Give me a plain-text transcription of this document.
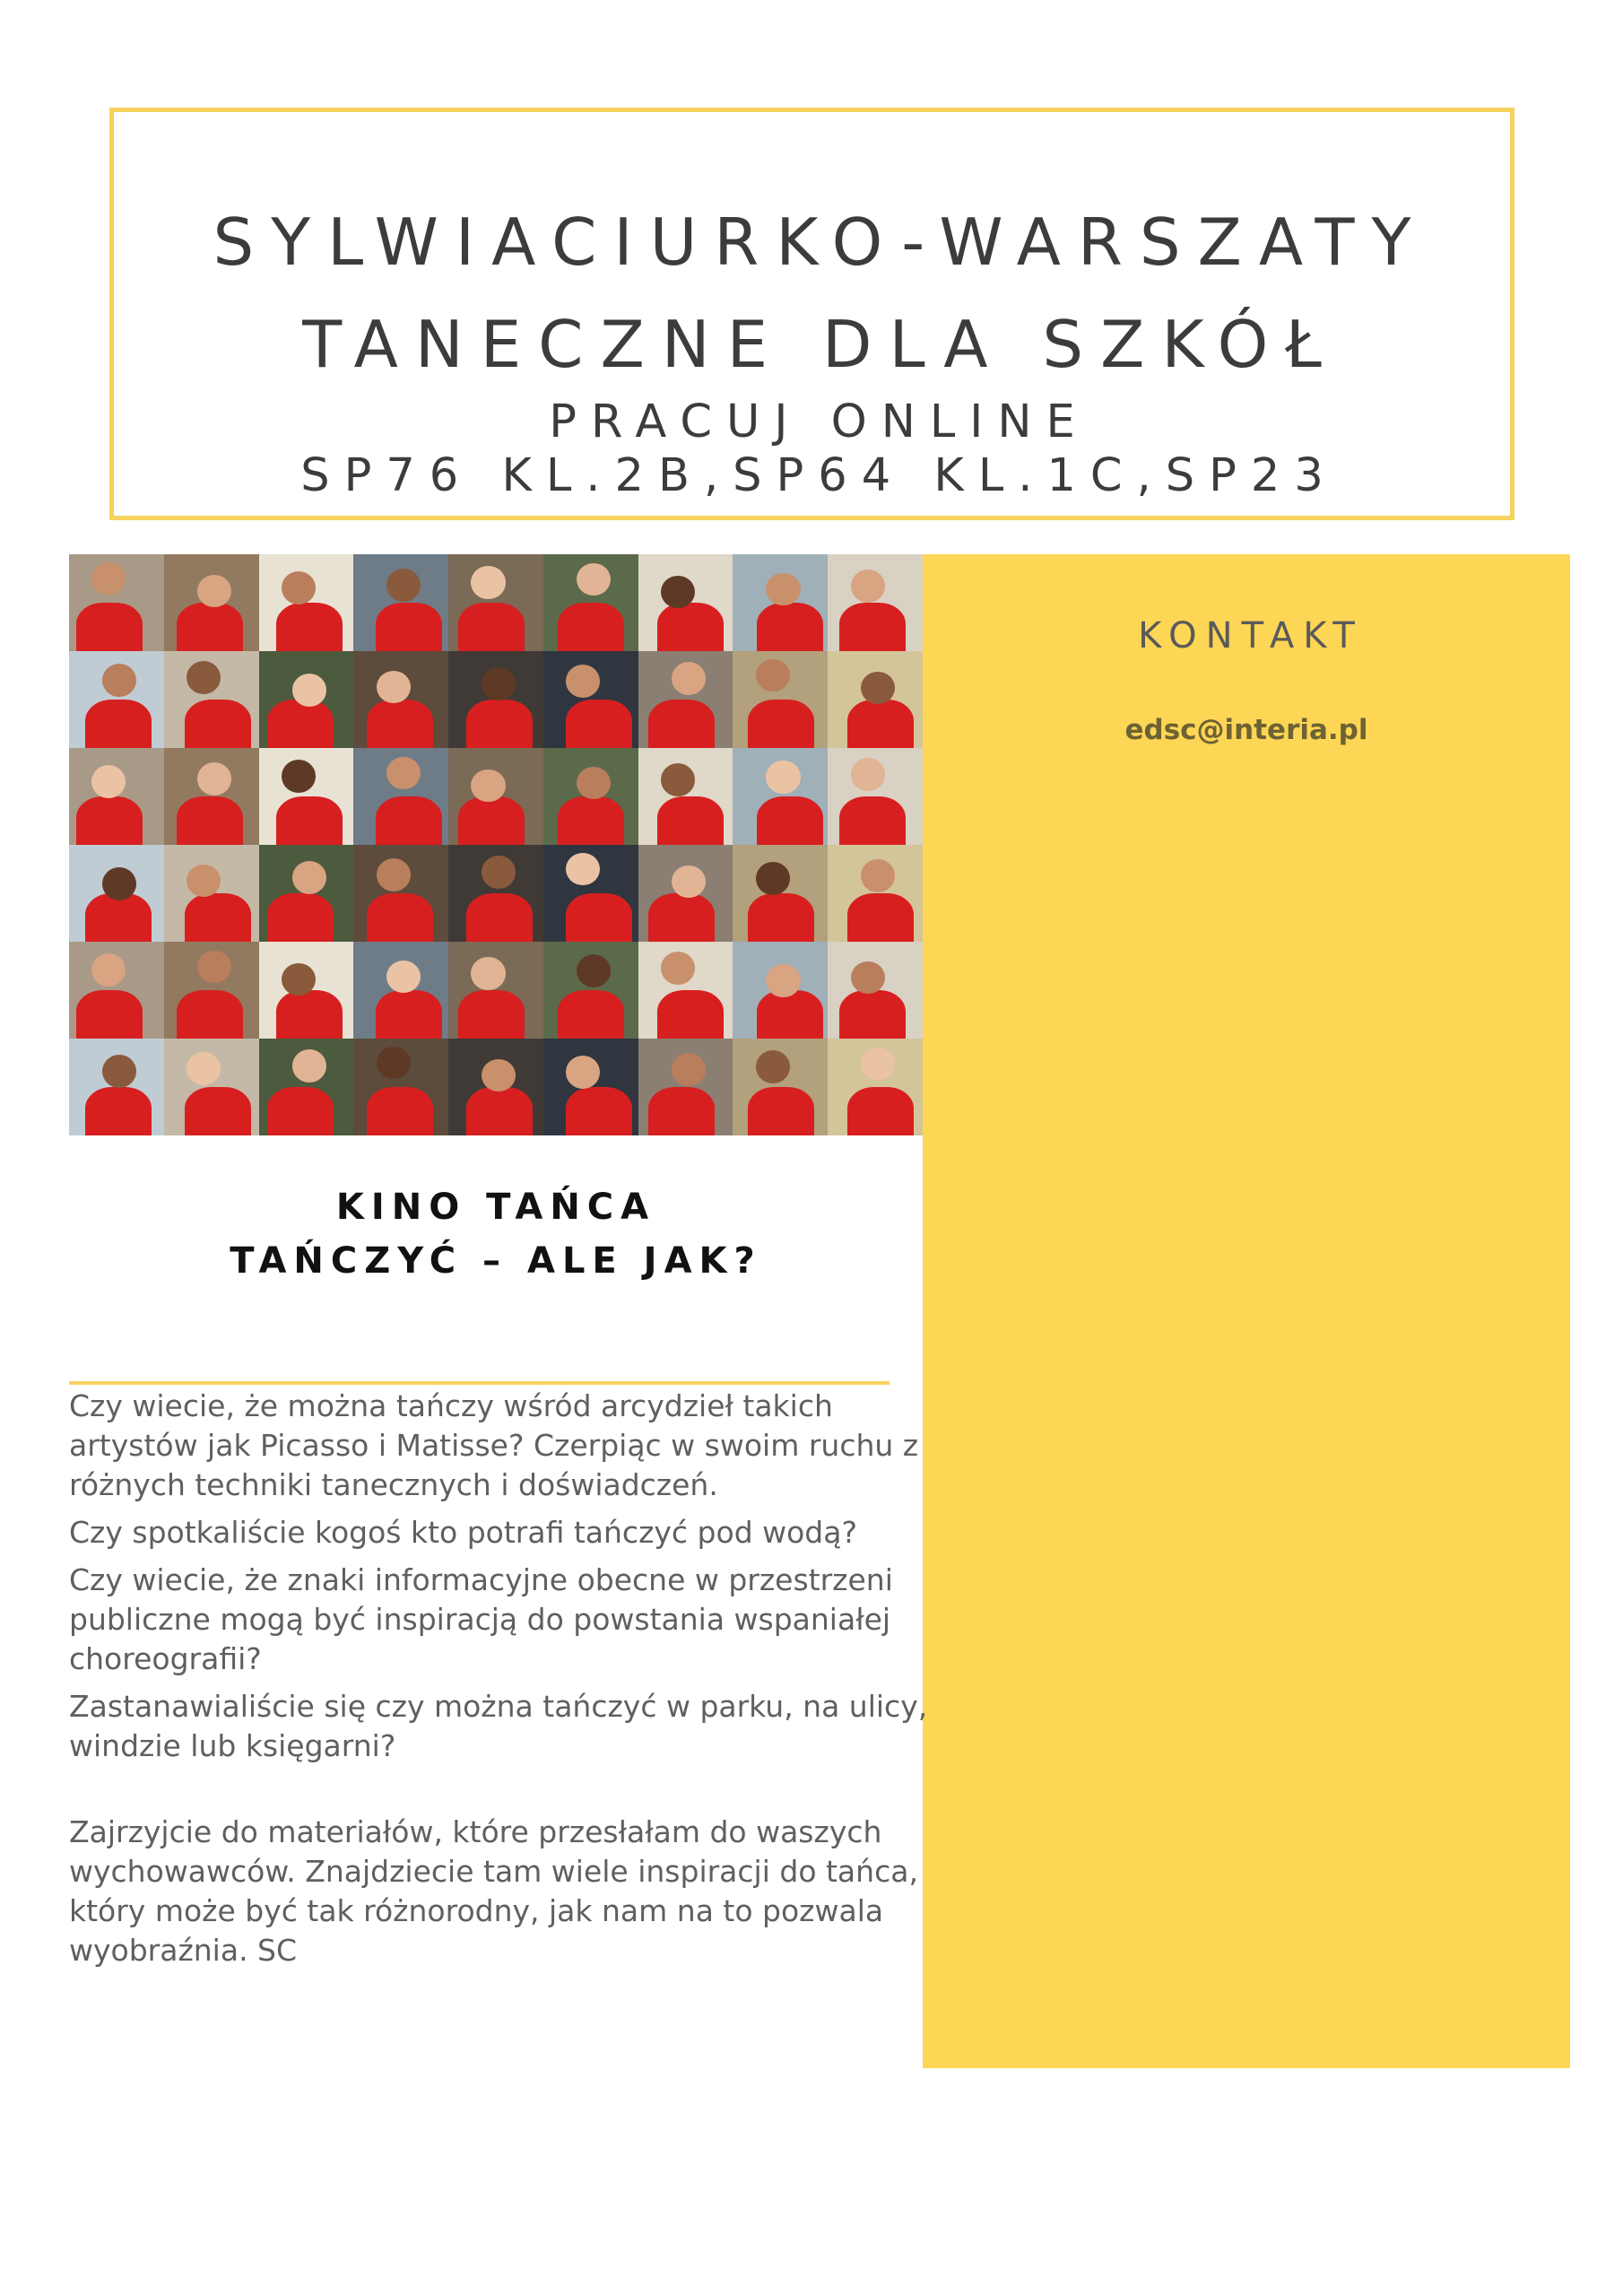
SYLWIACIURKO-WARSZATY
TANECZNE DLA SZKÓŁ
PRACUJ ONLINE
SP76 KL.2B,SP64 KL.1C,SP23
KONTAKT
edsc@interia.pl
KINO TAŃCA
TAŃCZYĆ – ALE JAK?

Czy wiecie, że można tańczy wśród arcydzieł takich artystów jak Picasso i Matisse? Czerpiąc w swoim ruchu z różnych techniki tanecznych i doświadczeń.

Czy spotkaliście kogoś kto potrafi tańczyć pod wodą?

Czy wiecie, że znaki informacyjne obecne w przestrzeni publiczne mogą być inspiracją do powstania wspaniałej choreografii?

Zastanawialiście się czy można tańczyć w parku, na ulicy, windzie lub księgarni?

Zajrzyjcie do materiałów, które przesłałam do waszych wychowawców. Znajdziecie tam wiele inspiracji do tańca, który może być tak różnorodny, jak nam na to pozwala wyobraźnia. SC
